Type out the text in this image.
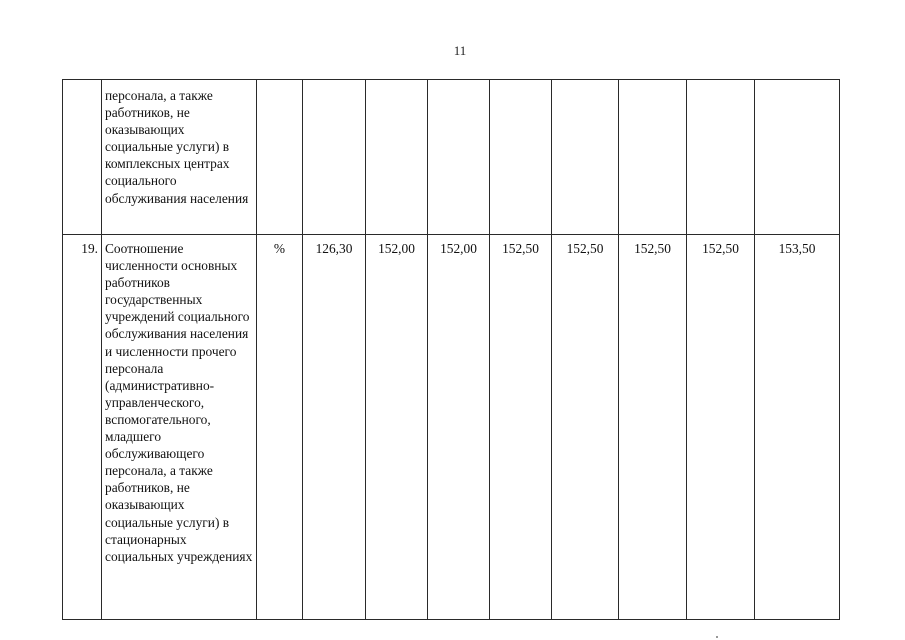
11
	персонала, а также работников, не оказывающих социальные услуги) в комплексных центрах социального обслуживания населения									
19.	Соотношение численности основных работников государственных учреждений социального обслуживания населения и численности прочего персонала (административно-управленческого, вспомогательного, младшего обслуживающего персонала, а также работников, не оказывающих социальные услуги) в стационарных социальных учреждениях	%	126,30	152,00	152,00	152,50	152,50	152,50	152,50	153,50
